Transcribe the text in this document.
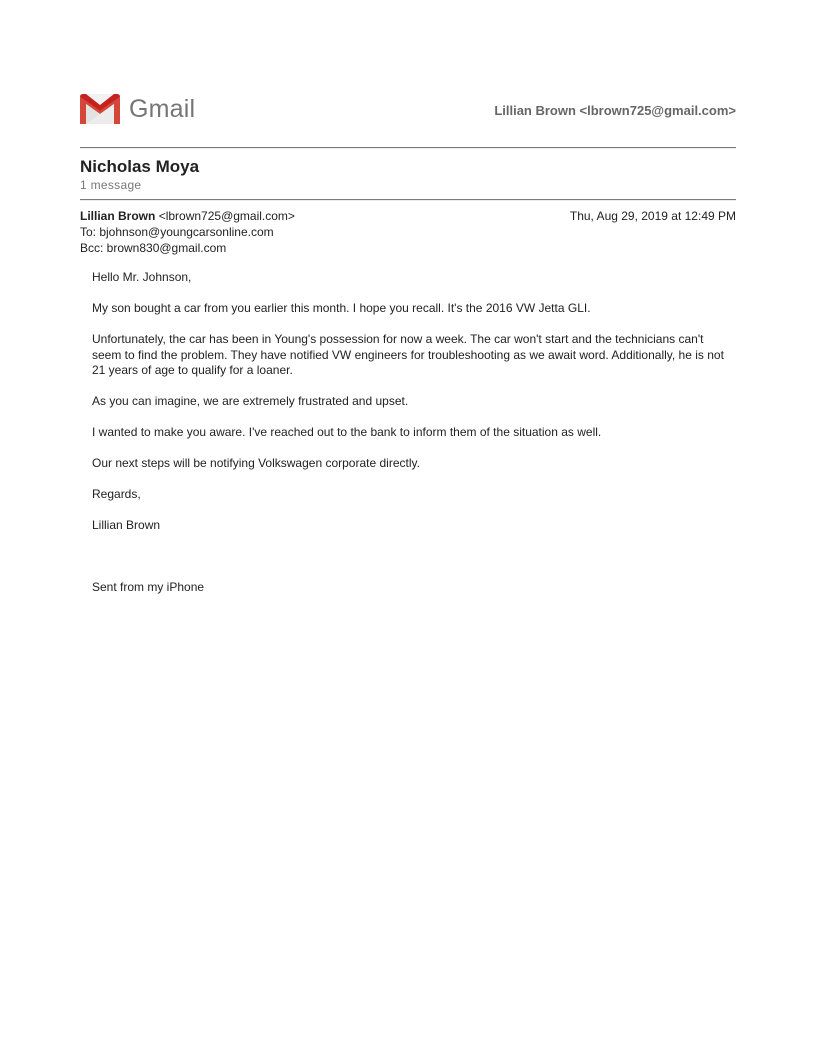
Gmail	Lillian Brown <lbrown725@gmail.com>
Nicholas Moya
1 message
Lillian Brown <lbrown725@gmail.com>	Thu, Aug 29, 2019 at 12:49 PM
To: bjohnson@youngcarsonline.com
Bcc: brown830@gmail.com

Hello Mr. Johnson,

My son bought a car from you earlier this month. I hope you recall. It's the 2016 VW Jetta GLI.

Unfortunately, the car has been in Young's possession for now a week. The car won't start and the technicians can't seem to find the problem. They have notified VW engineers for troubleshooting as we await word. Additionally, he is not 21 years of age to qualify for a loaner.

As you can imagine, we are extremely frustrated and upset.

I wanted to make you aware. I've reached out to the bank to inform them of the situation as well.

Our next steps will be notifying Volkswagen corporate directly.

Regards,

Lillian Brown

Sent from my iPhone
